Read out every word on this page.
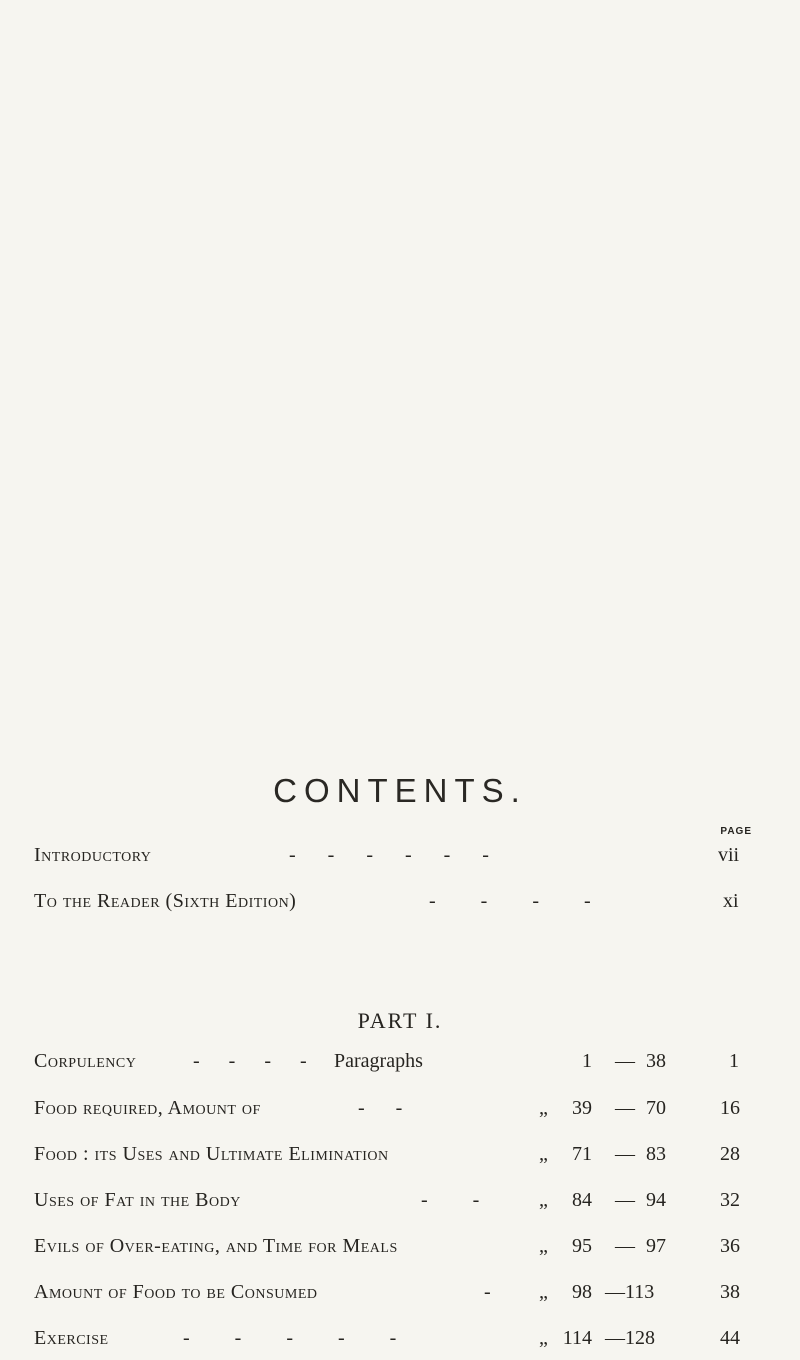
CONTENTS.
PAGE
Introductory	- - - - - -	vii
To the Reader (Sixth Edition)	- - - -	xi
PART I.
Corpulency	- - - - Paragraphs	1 — 38	1
Food required, Amount of	- -	„ 39 — 70	16
Food : its Uses and Ultimate Elimination	„ 71 — 83	28
Uses of Fat in the Body	- -	„ 84 — 94	32
Evils of Over-eating, and Time for Meals	„ 95 — 97	36
Amount of Food to be Consumed	- „ 98 — 113	38
Exercise	- - - - -	„ 114 — 128	44
